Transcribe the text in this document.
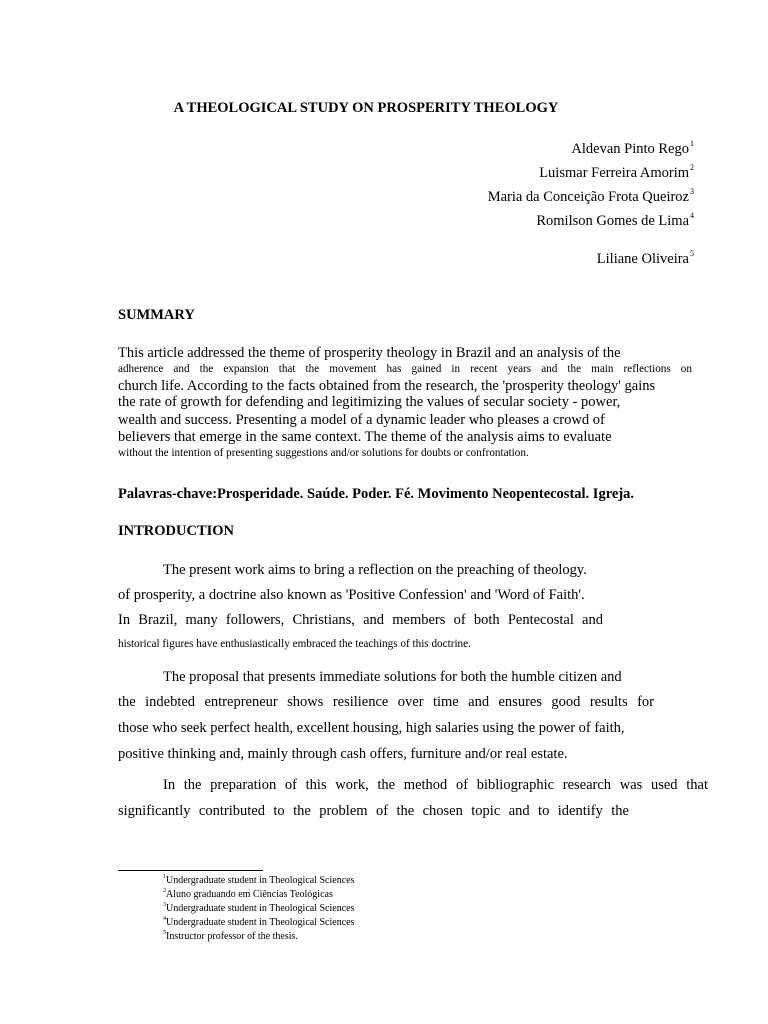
A THEOLOGICAL STUDY ON PROSPERITY THEOLOGY
Aldevan Pinto Rego$^1$
Luismar Ferreira Amorim$^2$
Maria da Conceição Frota Queiroz$^3$
Romilson Gomes de Lima$^4$
Liliane Oliveira$^5$
SUMMARY
This article addressed the theme of prosperity theology in Brazil and an analysis of the
adherence and the expansion that the movement has gained in recent years and the main reflections on
church life. According to the facts obtained from the research, the 'prosperity theology' gains
the rate of growth for defending and legitimizing the values of secular society - power,
wealth and success. Presenting a model of a dynamic leader who pleases a crowd of
believers that emerge in the same context. The theme of the analysis aims to evaluate
without the intention of presenting suggestions and/or solutions for doubts or confrontation.
Palavras-chave:Prosperidade. Saúde. Poder. Fé. Movimento Neopentecostal. Igreja.
INTRODUCTION
The present work aims to bring a reflection on the preaching of theology.
of prosperity, a doctrine also known as 'Positive Confession' and 'Word of Faith'.
In Brazil, many followers, Christians, and members of both Pentecostal and
historical figures have enthusiastically embraced the teachings of this doctrine.
The proposal that presents immediate solutions for both the humble citizen and
the indebted entrepreneur shows resilience over time and ensures good results for
those who seek perfect health, excellent housing, high salaries using the power of faith,
positive thinking and, mainly through cash offers, furniture and/or real estate.
In the preparation of this work, the method of bibliographic research was used that
significantly contributed to the problem of the chosen topic and to identify the
$^1$Undergraduate student in Theological Sciences
$^2$Aluno graduando em Ciências Teológicas
$^3$Undergraduate student in Theological Sciences
$^4$Undergraduate student in Theological Sciences
$^5$Instructor professor of the thesis.
